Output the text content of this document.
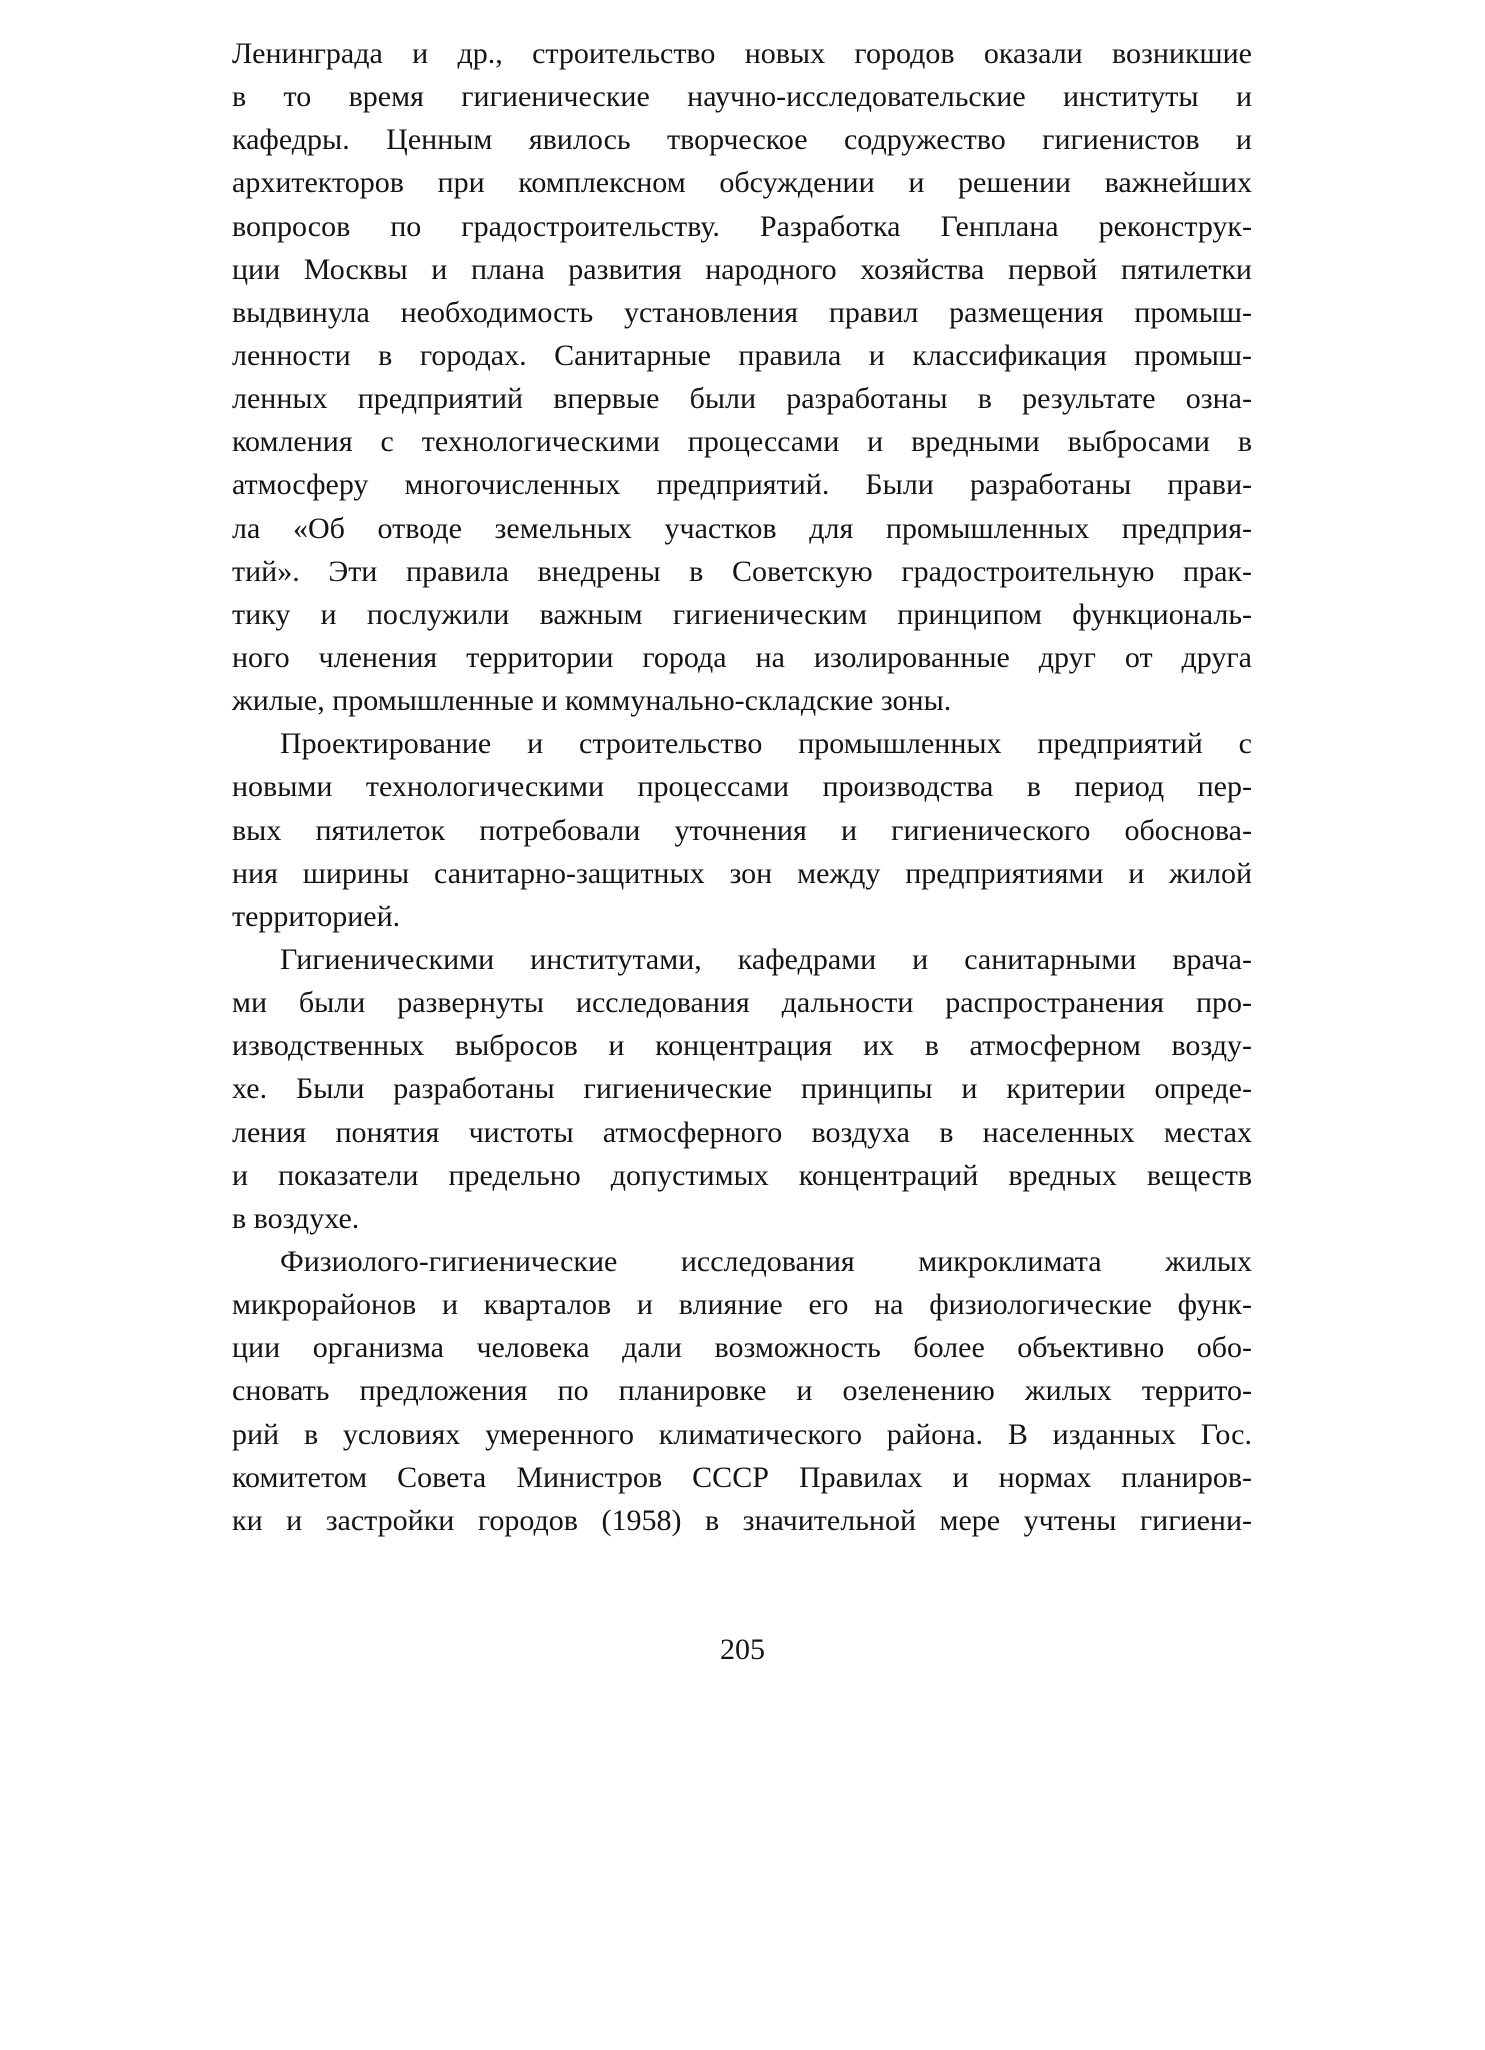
Ленинграда и др., строительство новых городов оказали возникшие
в то время гигиенические научно-исследовательские институты и
кафедры. Ценным явилось творческое содружество гигиенистов и
архитекторов при комплексном обсуждении и решении важнейших
вопросов по градостроительству. Разработка Генплана реконструк-
ции Москвы и плана развития народного хозяйства первой пятилетки
выдвинула необходимость установления правил размещения промыш-
ленности в городах. Санитарные правила и классификация промыш-
ленных предприятий впервые были разработаны в результате озна-
комления с технологическими процессами и вредными выбросами в
атмосферу многочисленных предприятий. Были разработаны прави-
ла «Об отводе земельных участков для промышленных предприя-
тий». Эти правила внедрены в Советскую градостроительную прак-
тику и послужили важным гигиеническим принципом функциональ-
ного членения территории города на изолированные друг от друга
жилые, промышленные и коммунально-складские зоны.
Проектирование и строительство промышленных предприятий с
новыми технологическими процессами производства в период пер-
вых пятилеток потребовали уточнения и гигиенического обоснова-
ния ширины санитарно-защитных зон между предприятиями и жилой
территорией.
Гигиеническими институтами, кафедрами и санитарными врача-
ми были развернуты исследования дальности распространения про-
изводственных выбросов и концентрация их в атмосферном возду-
хе. Были разработаны гигиенические принципы и критерии опреде-
ления понятия чистоты атмосферного воздуха в населенных местах
и показатели предельно допустимых концентраций вредных веществ
в воздухе.
Физиолого-гигиенические исследования микроклимата жилых
микрорайонов и кварталов и влияние его на физиологические функ-
ции организма человека дали возможность более объективно обо-
сновать предложения по планировке и озеленению жилых террито-
рий в условиях умеренного климатического района. В изданных Гос.
комитетом Совета Министров СССР Правилах и нормах планиров-
ки и застройки городов (1958) в значительной мере учтены гигиени-
205
